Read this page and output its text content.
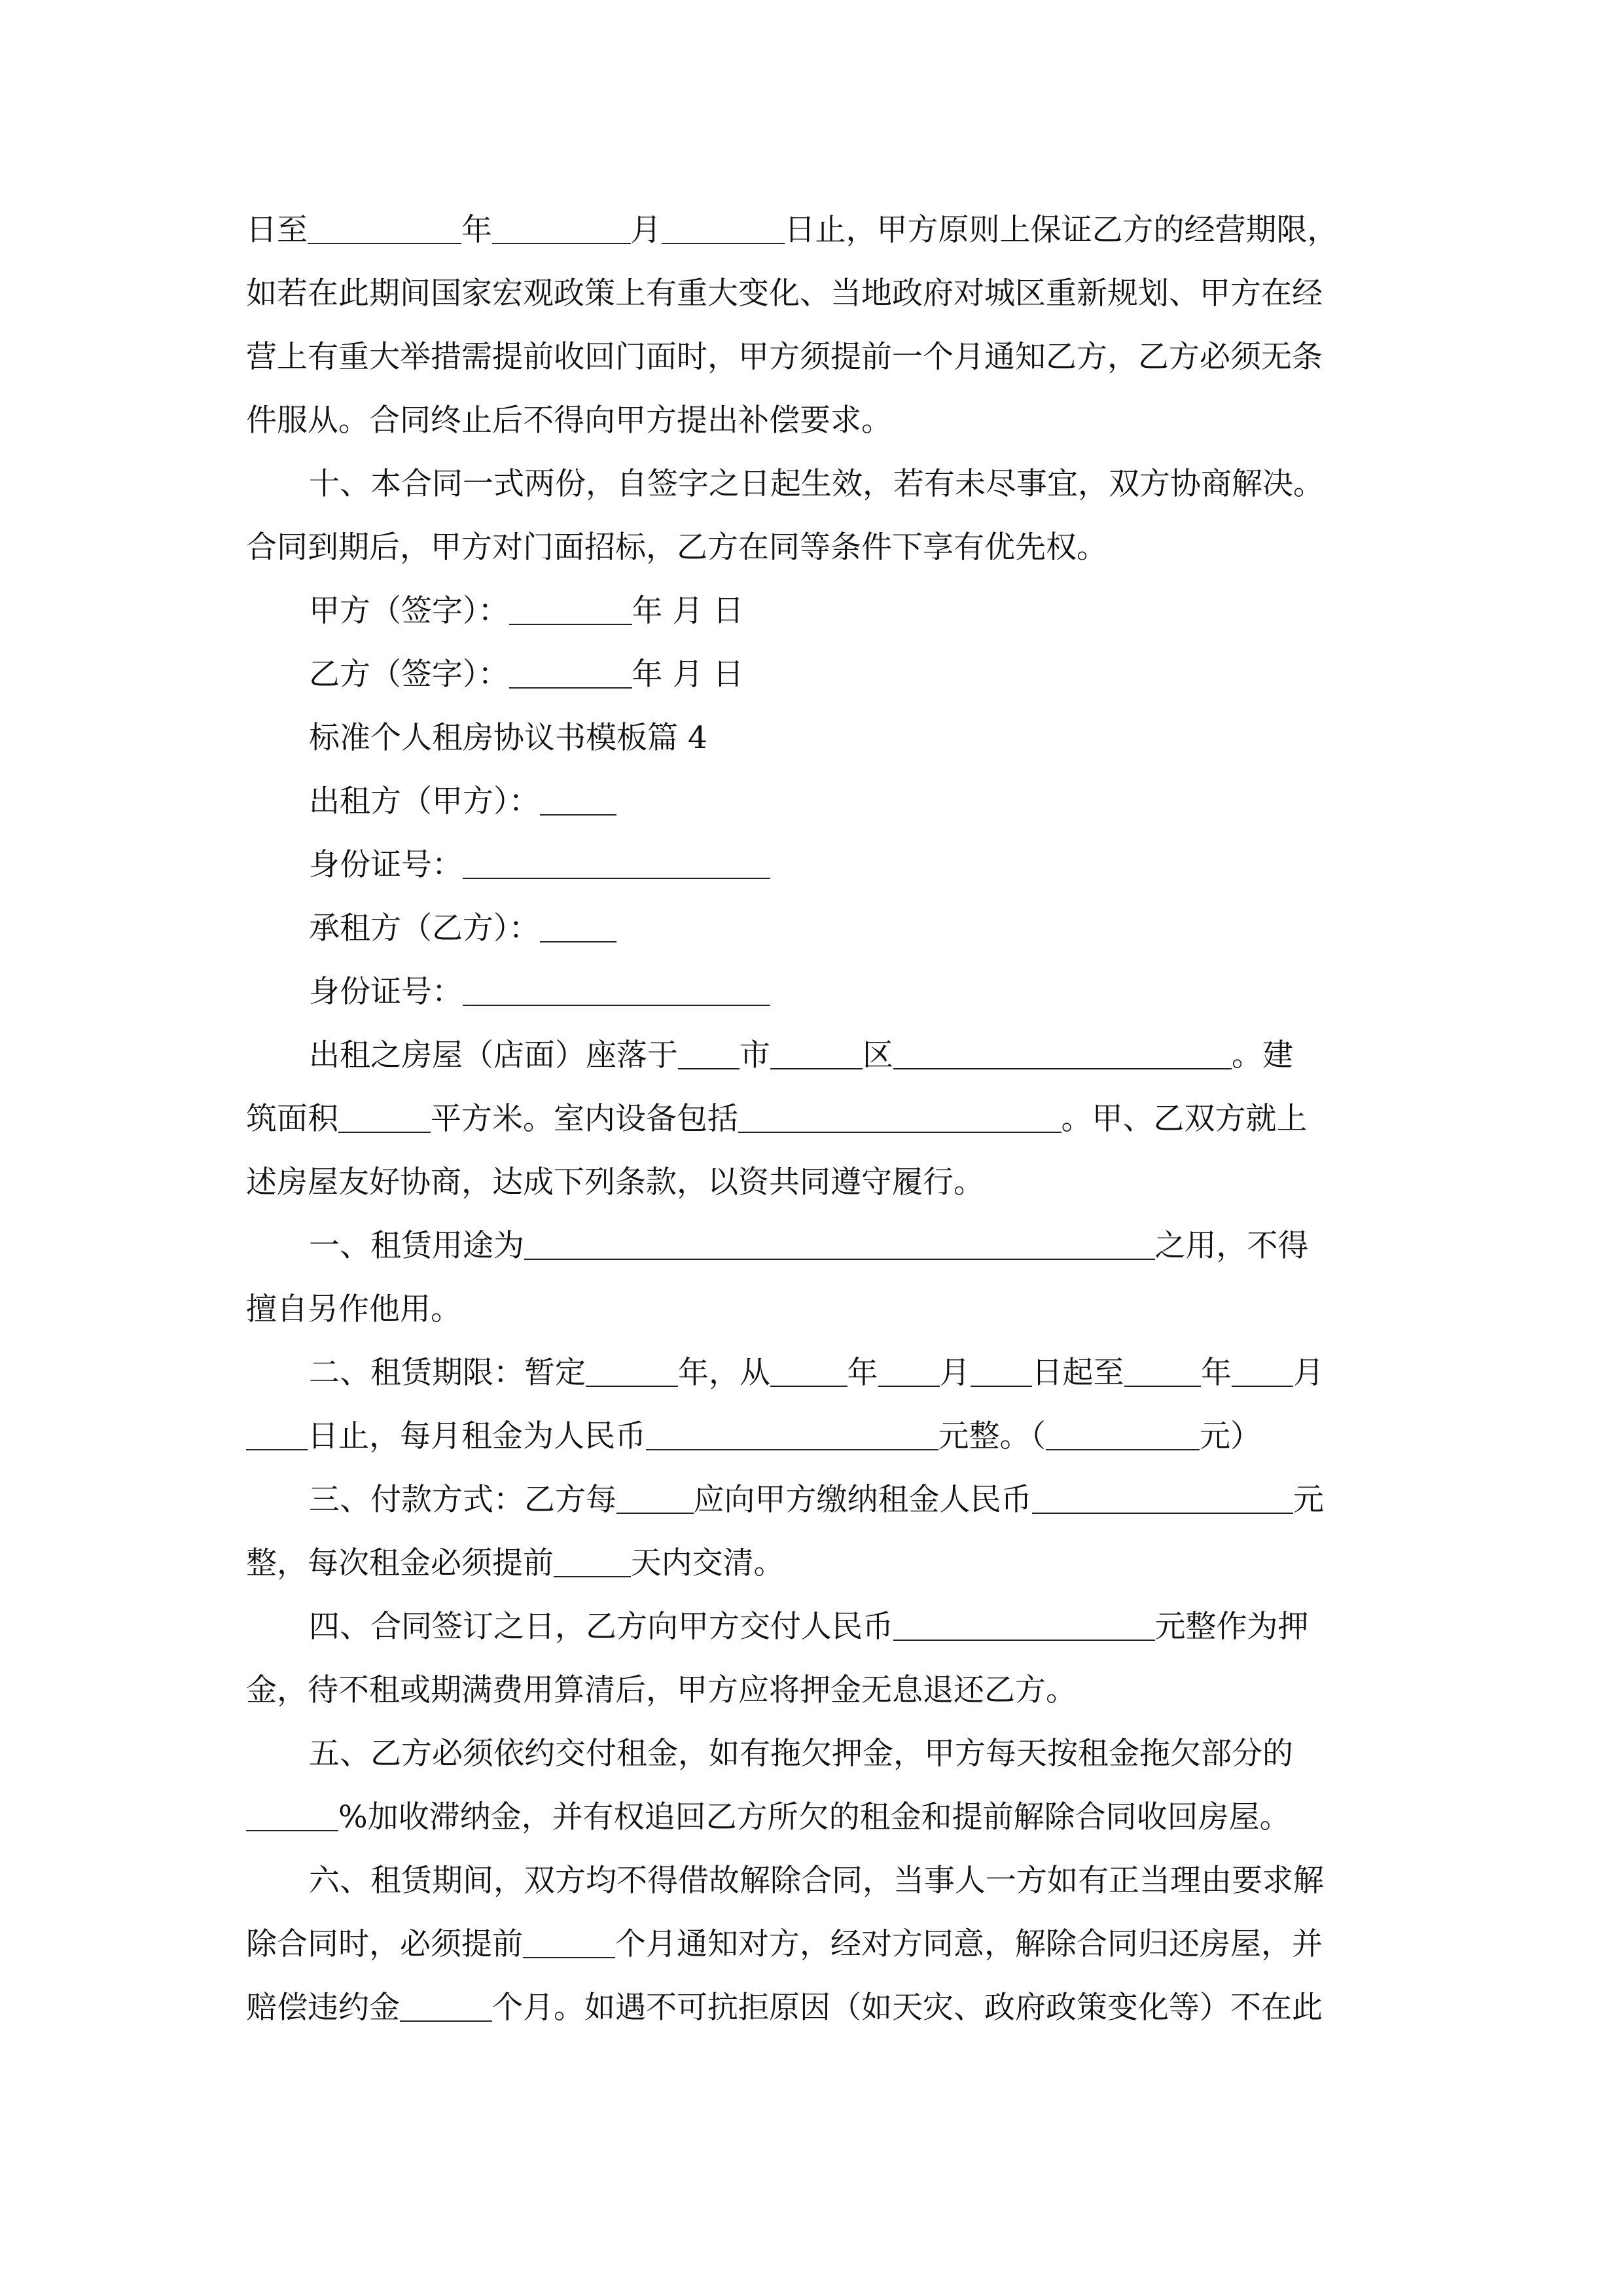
日至	年	月	日止，甲方原则上保证乙方的经营期限，
如若在此期间国家宏观政策上有重大变化、当地政府对城区重新规划、甲方在经
营上有重大举措需提前收回门面时，甲方须提前一个月通知乙方，乙方必须无条
件服从。合同终止后不得向甲方提出补偿要求。
十、本合同一式两份，自签字之日起生效，若有未尽事宜，双方协商解决。
合同到期后，甲方对门面招标，乙方在同等条件下享有优先权。
甲方（签字）：	年 月 日
乙方（签字）：	年 月 日
标准个人租房协议书模板篇 4
出租方（甲方）：
身份证号：
承租方（乙方）：
身份证号：
出租之房屋（店面）座落于 市	区	。建
筑面积	平方米。室内设备包括	。甲、乙双方就上
述房屋友好协商，达成下列条款，以资共同遵守履行。
一、租赁用途为	之用，不得
擅自另作他用。
二、租赁期限：暂定	年，从	年 月 日起至	年 月
日止，每月租金为人民币	元整。（	元）
三、付款方式：乙方每	应向甲方缴纳租金人民币	元
整，每次租金必须提前	天内交清。
四、合同签订之日，乙方向甲方交付人民币	元整作为押
金，待不租或期满费用算清后，甲方应将押金无息退还乙方。
五、乙方必须依约交付租金，如有拖欠押金，甲方每天按租金拖欠部分的
%加收滞纳金，并有权追回乙方所欠的租金和提前解除合同收回房屋。
六、租赁期间，双方均不得借故解除合同，当事人一方如有正当理由要求解
除合同时，必须提前	个月通知对方，经对方同意，解除合同归还房屋，并
赔偿违约金	个月。如遇不可抗拒原因（如天灾、政府政策变化等）不在此
